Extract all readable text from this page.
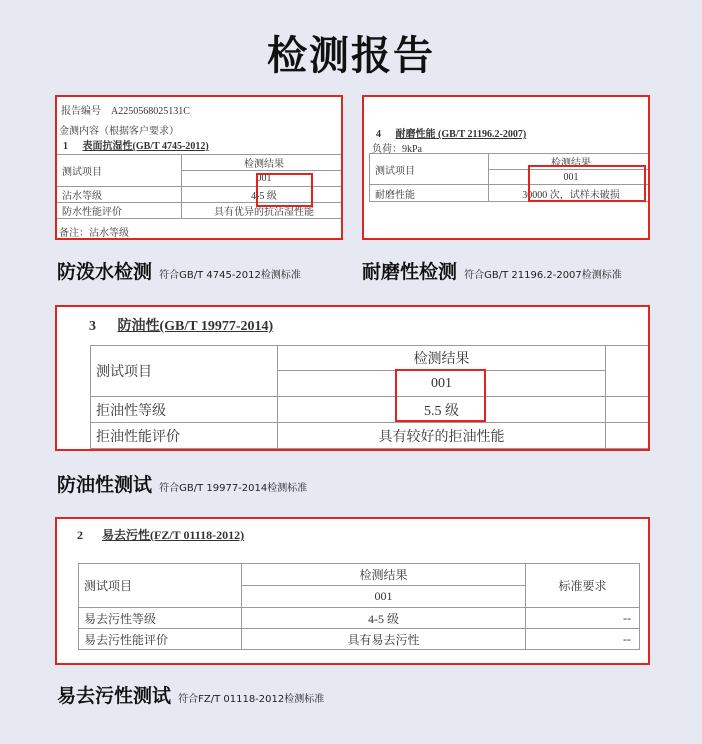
检测报告
报告编号　A2250568025131C
金测内容（根据客户要求）
1 表面抗湿性(GB/T 4745-2012)
测试项目	检测结果
	001
沾水等级	4-5 级
防水性能评价	具有优异的抗沾湿性能
备注：沾水等级
4 耐磨性能 (GB/T 21196.2-2007)
负荷：9kPa
测试项目	检测结果
	001
耐磨性能	30000 次，试样未破损
防泼水检测 符合GB/T 4745-2012检测标准	耐磨性检测 符合GB/T 21196.2-2007检测标准
3 防油性(GB/T 19977-2014)
测试项目	检测结果	
	001	
拒油性等级	5.5 级	
拒油性能评价	具有较好的拒油性能	
防油性测试 符合GB/T 19977-2014检测标准
2 易去污性(FZ/T 01118-2012)
测试项目	检测结果	标准要求
	001	
易去污性等级	4-5 级	--
易去污性能评价	具有易去污性	--
易去污性测试 符合FZ/T 01118-2012检测标准
